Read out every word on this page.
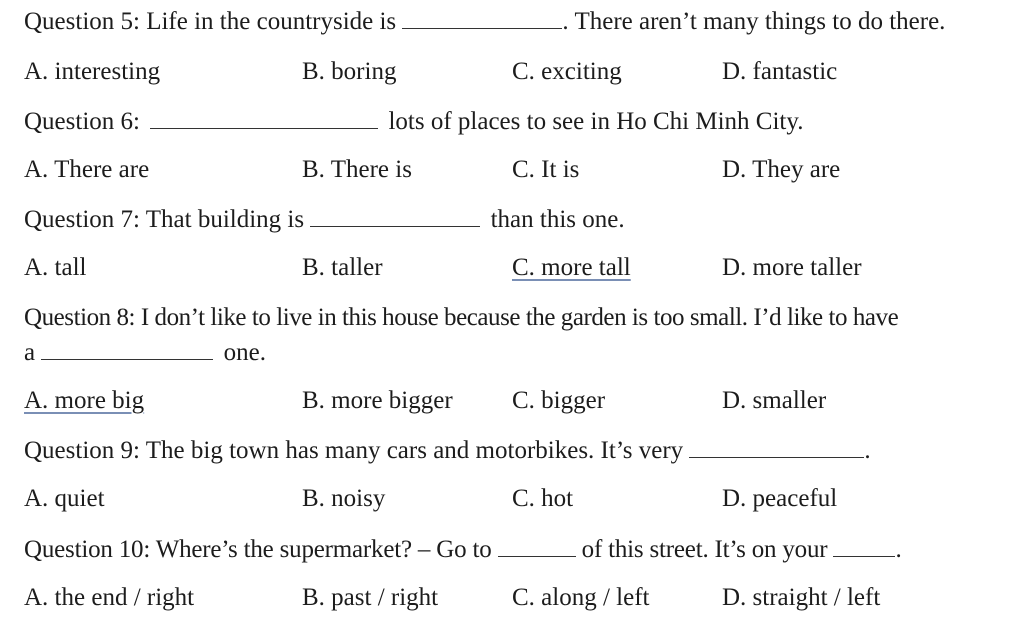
Question 5: Life in the countryside is	. There aren’t many things to do there.
A. interesting	B. boring	C. exciting	D. fantastic
Question 6:	lots of places to see in Ho Chi Minh City.
A. There are	B. There is	C. It is	D. They are
Question 7: That building is	than this one.
A. tall	B. taller	C. more tall	D. more taller
Question 8: I don’t like to live in this house because the garden is too small. I’d like to have
a	one.
A. more big	B. more bigger C. bigger	D. smaller
Question 9: The big town has many cars and motorbikes. It’s very	.
A. quiet	B. noisy	C. hot	D. peaceful
Question 10: Where’s the supermarket? – Go to	of this street. It’s on your	.
A. the end / right	B. past / right	C. along / left	D. straight / left
